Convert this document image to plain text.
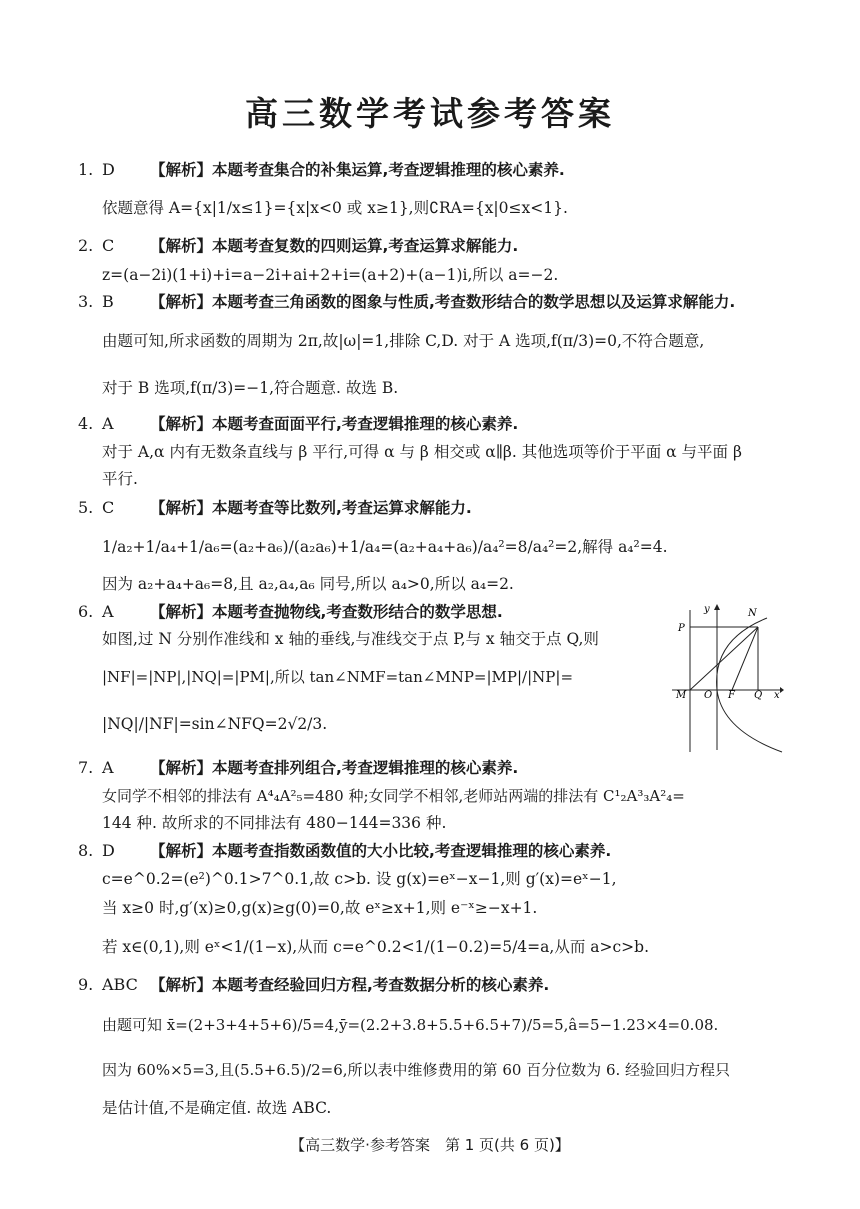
高三数学考试参考答案
1. D 【解析】本题考查集合的补集运算,考查逻辑推理的核心素养.
依题意得 A={x|1/x≤1}={x|x<0 或 x≥1},则∁RA={x|0≤x<1}.
2. C 【解析】本题考查复数的四则运算,考查运算求解能力.
z=(a−2i)(1+i)+i=a−2i+ai+2+i=(a+2)+(a−1)i,所以 a=−2.
3. B 【解析】本题考查三角函数的图象与性质,考查数形结合的数学思想以及运算求解能力.
由题可知,所求函数的周期为 2π,故|ω|=1,排除 C,D. 对于 A 选项,f(π/3)=0,不符合题意,
对于 B 选项,f(π/3)=−1,符合题意. 故选 B.
4. A 【解析】本题考查面面平行,考查逻辑推理的核心素养.
对于 A,α 内有无数条直线与 β 平行,可得 α 与 β 相交或 α∥β. 其他选项等价于平面 α 与平面 β
平行.
5. C 【解析】本题考查等比数列,考查运算求解能力.
1/a₂+1/a₄+1/a₆=(a₂+a₆)/(a₂a₆)+1/a₄=(a₂+a₄+a₆)/a₄²=8/a₄²=2,解得 a₄²=4.
因为 a₂+a₄+a₆=8,且 a₂,a₄,a₆ 同号,所以 a₄>0,所以 a₄=2.
6. A 【解析】本题考查抛物线,考查数形结合的数学思想.
如图,过 N 分别作准线和 x 轴的垂线,与准线交于点 P,与 x 轴交于点 Q,则
|NF|=|NP|,|NQ|=|PM|,所以 tan∠NMF=tan∠MNP=|MP|/|NP|=
|NQ|/|NF|=sin∠NFQ=2√2/3.
y	N
P
M O F Q x
7. A 【解析】本题考查排列组合,考查逻辑推理的核心素养.
女同学不相邻的排法有 A⁴₄A²₅=480 种;女同学不相邻,老师站两端的排法有 C¹₂A³₃A²₄=
144 种. 故所求的不同排法有 480−144=336 种.
8. D 【解析】本题考查指数函数值的大小比较,考查逻辑推理的核心素养.
c=e^0.2=(e²)^0.1>7^0.1,故 c>b. 设 g(x)=eˣ−x−1,则 g′(x)=eˣ−1,
当 x≥0 时,g′(x)≥0,g(x)≥g(0)=0,故 eˣ≥x+1,则 e⁻ˣ≥−x+1.
若 x∈(0,1),则 eˣ<1/(1−x),从而 c=e^0.2<1/(1−0.2)=5/4=a,从而 a>c>b.
9. ABC 【解析】本题考查经验回归方程,考查数据分析的核心素养.
由题可知 x̄=(2+3+4+5+6)/5=4,ȳ=(2.2+3.8+5.5+6.5+7)/5=5,â=5−1.23×4=0.08.
因为 60%×5=3,且(5.5+6.5)/2=6,所以表中维修费用的第 60 百分位数为 6. 经验回归方程只
是估计值,不是确定值. 故选 ABC.
【高三数学·参考答案　第 1 页(共 6 页)】
